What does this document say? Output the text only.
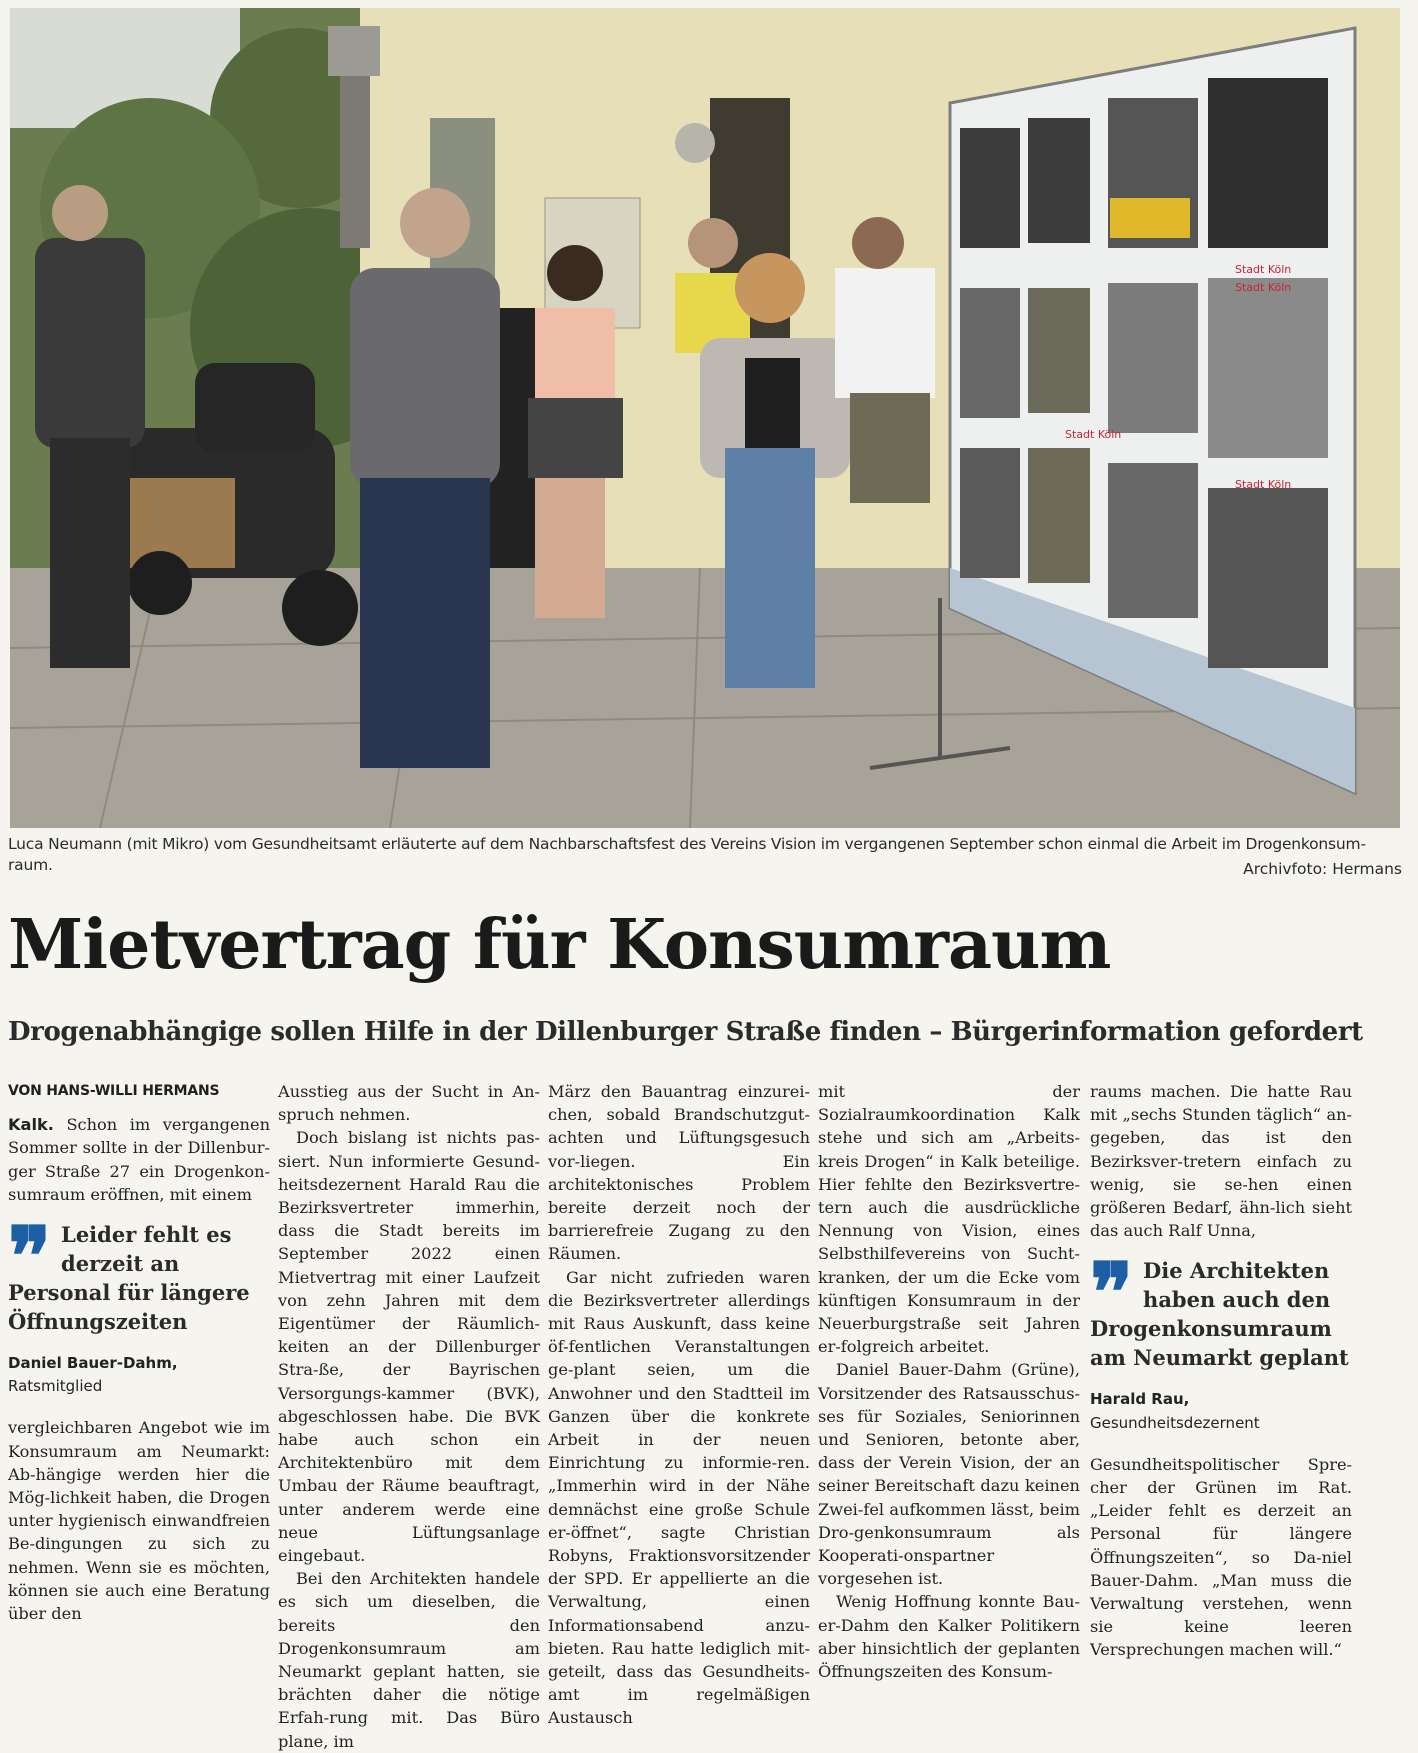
Stadt Köln
Stadt Köln
Stadt Köln
Stadt Köln
Luca Neumann (mit Mikro) vom Gesundheitsamt erläuterte auf dem Nachbarschaftsfest des Vereins Vision im vergangenen September schon einmal die Arbeit im Drogenkonsum-raum.	Archivfoto: Hermans
Mietvertrag für Konsumraum
Drogenabhängige sollen Hilfe in der Dillenburger Straße finden – Bürgerinformation gefordert
VON HANS-WILLI HERMANS

Kalk. Schon im vergangenen Sommer sollte in der Dillenbur-ger Straße 27 ein Drogenkon-sumraum eröffnen, mit einem

❞ Leider fehlt es derzeit an Personal für längere Öffnungszeiten
Daniel Bauer-Dahm,
Ratsmitglied

vergleichbaren Angebot wie im Konsumraum am Neumarkt: Ab-hängige werden hier die Mög-lichkeit haben, die Drogen unter hygienisch einwandfreien Be-dingungen zu sich zu nehmen. Wenn sie es möchten, können sie auch eine Beratung über den

Ausstieg aus der Sucht in An-spruch nehmen.

Doch bislang ist nichts pas-siert. Nun informierte Gesund-heitsdezernent Harald Rau die Bezirksvertreter immerhin, dass die Stadt bereits im September 2022 einen Mietvertrag mit einer Laufzeit von zehn Jahren mit dem Eigentümer der Räumlich-keiten an der Dillenburger Stra-ße, der Bayrischen Versorgungs-kammer (BVK), abgeschlossen habe. Die BVK habe auch schon ein Architektenbüro mit dem Umbau der Räume beauftragt, unter anderem werde eine neue Lüftungsanlage eingebaut.

Bei den Architekten handele es sich um dieselben, die bereits den Drogenkonsumraum am Neumarkt geplant hatten, sie brächten daher die nötige Erfah-rung mit. Das Büro plane, im

März den Bauantrag einzurei-chen, sobald Brandschutzgut-achten und Lüftungsgesuch vor-liegen. Ein architektonisches Problem bereite derzeit noch der barrierefreie Zugang zu den Räumen.

Gar nicht zufrieden waren die Bezirksvertreter allerdings mit Raus Auskunft, dass keine öf-fentlichen Veranstaltungen ge-plant seien, um die Anwohner und den Stadtteil im Ganzen über die konkrete Arbeit in der neuen Einrichtung zu informie-ren. „Immerhin wird in der Nähe demnächst eine große Schule er-öffnet“, sagte Christian Robyns, Fraktionsvorsitzender der SPD. Er appellierte an die Verwaltung, einen Informationsabend anzu-bieten. Rau hatte lediglich mit-geteilt, dass das Gesundheits-amt im regelmäßigen Austausch

mit der Sozialraumkoordination Kalk stehe und sich am „Arbeits-kreis Drogen“ in Kalk beteilige. Hier fehlte den Bezirksvertre-tern auch die ausdrückliche Nennung von Vision, eines Selbsthilfevereins von Sucht-kranken, der um die Ecke vom künftigen Konsumraum in der Neuerburgstraße seit Jahren er-folgreich arbeitet.

Daniel Bauer-Dahm (Grüne), Vorsitzender des Ratsausschus-ses für Soziales, Seniorinnen und Senioren, betonte aber, dass der Verein Vision, der an seiner Bereitschaft dazu keinen Zwei-fel aufkommen lässt, beim Dro-genkonsumraum als Kooperati-onspartner vorgesehen ist.

Wenig Hoffnung konnte Bau-er-Dahm den Kalker Politikern aber hinsichtlich der geplanten Öffnungszeiten des Konsum-

raums machen. Die hatte Rau mit „sechs Stunden täglich“ an-gegeben, das ist den Bezirksver-tretern einfach zu wenig, sie se-hen einen größeren Bedarf, ähn-lich sieht das auch Ralf Unna,

❞ Die Architekten haben auch den Drogenkonsumraum am Neumarkt geplant
Harald Rau,
Gesundheitsdezernent

Gesundheitspolitischer Spre-cher der Grünen im Rat. „Leider fehlt es derzeit an Personal für längere Öffnungszeiten“, so Da-niel Bauer-Dahm. „Man muss die Verwaltung verstehen, wenn sie keine leeren Versprechungen machen will.“
